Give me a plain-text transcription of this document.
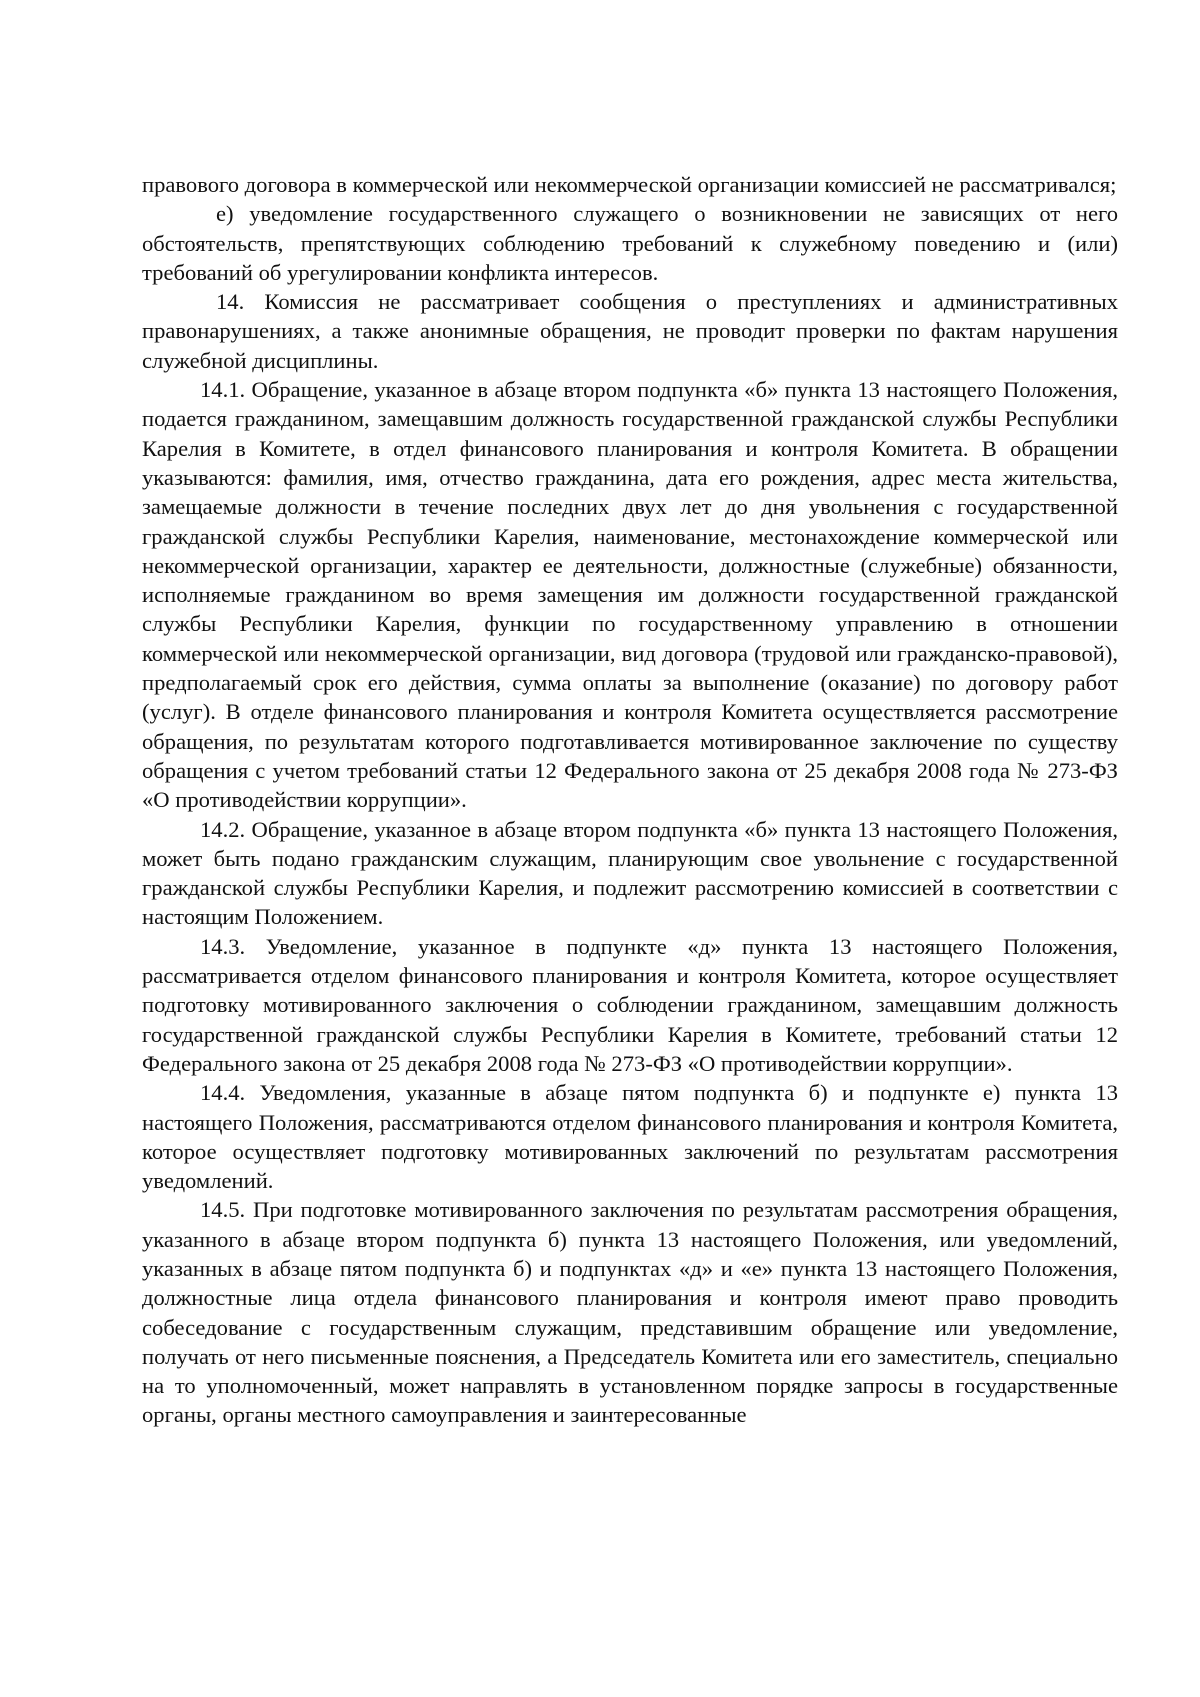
правового договора в коммерческой или некоммерческой организации комиссией не рассматривался;

е) уведомление государственного служащего о возникновении не зависящих от него обстоятельств, препятствующих соблюдению требований к служебному поведению и (или) требований об урегулировании конфликта интересов.

14. Комиссия не рассматривает сообщения о преступлениях и административных правонарушениях, а также анонимные обращения, не проводит проверки по фактам нарушения служебной дисциплины.

14.1. Обращение, указанное в абзаце втором подпункта «б» пункта 13 настоящего Положения, подается гражданином, замещавшим должность государственной гражданской службы Республики Карелия в Комитете, в отдел финансового планирования и контроля Комитета. В обращении указываются: фамилия, имя, отчество гражданина, дата его рождения, адрес места жительства, замещаемые должности в течение последних двух лет до дня увольнения с государственной гражданской службы Республики Карелия, наименование, местонахождение коммерческой или некоммерческой организации, характер ее деятельности, должностные (служебные) обязанности, исполняемые гражданином во время замещения им должности государственной гражданской службы Республики Карелия, функции по государственному управлению в отношении коммерческой или некоммерческой организации, вид договора (трудовой или гражданско-правовой), предполагаемый срок его действия, сумма оплаты за выполнение (оказание) по договору работ (услуг). В отделе финансового планирования и контроля Комитета осуществляется рассмотрение обращения, по результатам которого подготавливается мотивированное заключение по существу обращения с учетом требований статьи 12 Федерального закона от 25 декабря 2008 года № 273-ФЗ «О противодействии коррупции».

14.2. Обращение, указанное в абзаце втором подпункта «б» пункта 13 настоящего Положения, может быть подано гражданским служащим, планирующим свое увольнение с государственной гражданской службы Республики Карелия, и подлежит рассмотрению комиссией в соответствии с настоящим Положением.

14.3. Уведомление, указанное в подпункте «д» пункта 13 настоящего Положения, рассматривается отделом финансового планирования и контроля Комитета, которое осуществляет подготовку мотивированного заключения о соблюдении гражданином, замещавшим должность государственной гражданской службы Республики Карелия в Комитете, требований статьи 12 Федерального закона от 25 декабря 2008 года № 273-ФЗ «О противодействии коррупции».

14.4. Уведомления, указанные в абзаце пятом подпункта б) и подпункте е) пункта 13 настоящего Положения, рассматриваются отделом финансового планирования и контроля Комитета, которое осуществляет подготовку мотивированных заключений по результатам рассмотрения уведомлений.

14.5. При подготовке мотивированного заключения по результатам рассмотрения обращения, указанного в абзаце втором подпункта б) пункта 13 настоящего Положения, или уведомлений, указанных в абзаце пятом подпункта б) и подпунктах «д» и «е» пункта 13 настоящего Положения, должностные лица отдела финансового планирования и контроля имеют право проводить собеседование с государственным служащим, представившим обращение или уведомление, получать от него письменные пояснения, а Председатель Комитета или его заместитель, специально на то уполномоченный, может направлять в установленном порядке запросы в государственные органы, органы местного самоуправления и заинтересованные
